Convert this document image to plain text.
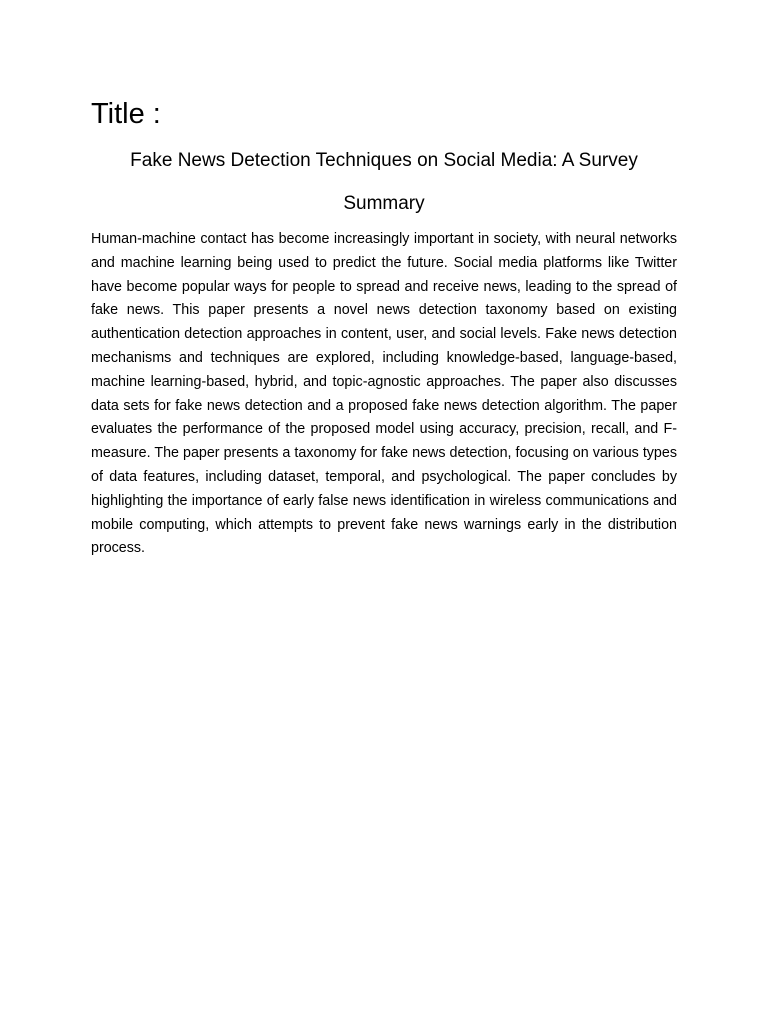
Title :
Fake News Detection Techniques on Social Media: A Survey
Summary

Human-machine contact has become increasingly important in society, with neural networks and machine learning being used to predict the future. Social media platforms like Twitter have become popular ways for people to spread and receive news, leading to the spread of fake news. This paper presents a novel news detection taxonomy based on existing authentication detection approaches in content, user, and social levels. Fake news detection mechanisms and techniques are explored, including knowledge-based, language-based, machine learning-based, hybrid, and topic-agnostic approaches. The paper also discusses data sets for fake news detection and a proposed fake news detection algorithm. The paper evaluates the performance of the proposed model using accuracy, precision, recall, and F-measure. The paper presents a taxonomy for fake news detection, focusing on various types of data features, including dataset, temporal, and psychological. The paper concludes by highlighting the importance of early false news identification in wireless communications and mobile computing, which attempts to prevent fake news warnings early in the distribution process.
